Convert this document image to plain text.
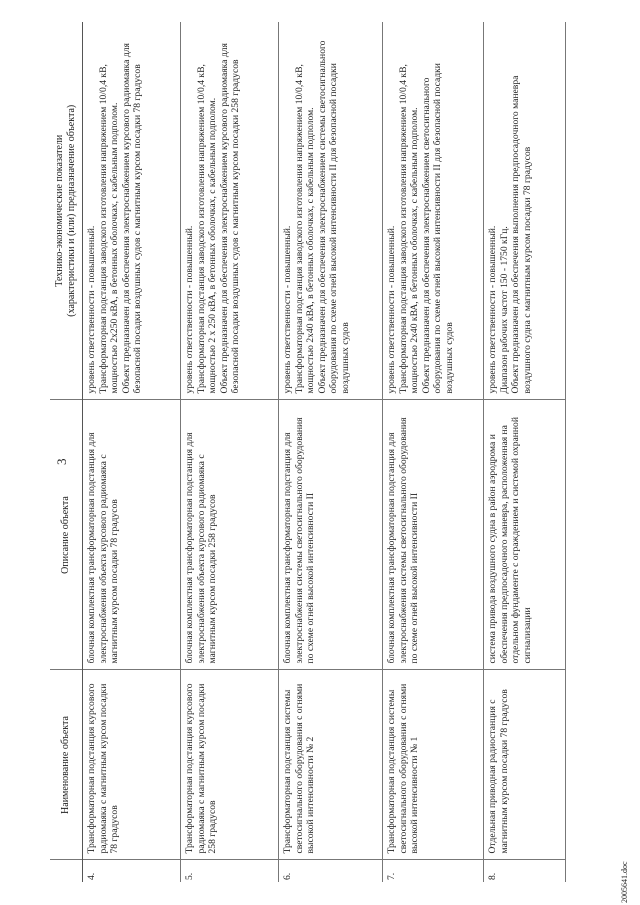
3
	Наименование объекта	Описание объекта	Технико-экономические показатели (характеристики и (или) предназначение объекта)

4.	Трансформаторная подстанция курсового радиомаяка с магнитным курсом посадки 78 градусов	блочная комплектная трансформаторная подстанция для электроснабжения объекта курсового радиомаяка с магнитным курсом посадки 78 градусов	уровень ответственности - повышенный. Трансформаторная подстанция заводского изготовления напряжением 10/0,4 кВ, мощностью 2х250 кВА, в бетонных оболочках, с кабельным подполом. Объект предназначен для обеспечения электроснабжением курсового радиомаяка для безопасной посадки воздушных судов с магнитным курсом посадки 78 градусов

5.	Трансформаторная подстанция курсового радиомаяка с магнитным курсом посадки 258 градусов	блочная комплектная трансформаторная подстанция для электроснабжения объекта курсового радиомаяка с магнитным курсом посадки 258 градусов	уровень ответственности - повышенный. Трансформаторная подстанция заводского изготовления напряжением 10/0,4 кВ, мощностью 2 х 250 кВА, в бетонных оболочках, с кабельным подполом. Объект предназначен для обеспечения электроснабжением курсового радиомаяка для безопасной посадки воздушных судов с магнитным курсом посадки 258 градусов

6.	Трансформаторная подстанция системы светосигнального оборудования с огнями высокой интенсивности № 2	блочная комплектная трансформаторная подстанция для электроснабжения системы светосигнального оборудования по схеме огней высокой интенсивности II	уровень ответственности - повышенный. Трансформаторная подстанция заводского изготовления напряжением 10/0,4 кВ, мощностью 2х40 кВА, в бетонных оболочках, с кабельным подполом. Объект предназначен для обеспечения электроснабжением системы светосигнального оборудования по схеме огней высокой интенсивности II для безопасной посадки воздушных судов

7.	Трансформаторная подстанция системы светосигнального оборудования с огнями высокой интенсивности № 1	блочная комплектная трансформаторная подстанция для электроснабжения системы светосигнального оборудования по схеме огней высокой интенсивности II	уровень ответственности - повышенный. Трансформаторная подстанция заводского изготовления напряжением 10/0,4 кВ, мощностью 2х40 кВА, в бетонных оболочках, с кабельным подполом. Объект предназначен для обеспечения электроснабжением светосигнального оборудования по схеме огней высокой интенсивности II для безопасной посадки воздушных судов

8.	Отдельная приводная радиостанция с магнитным курсом посадки 78 градусов	система привода воздушного судна в район аэродрома и обеспечения предпосадочного маневра, расположенная на отдельном фундаменте с ограждением и системой охранной сигнализации	уровень ответственности - повышенный. Диапазон рабочих частот 150 - 1750 кГц. Объект предназначен для обеспечения выполнения предпосадочного маневра воздушного судна с магнитным курсом посадки 78 градусов
2005641.doc
